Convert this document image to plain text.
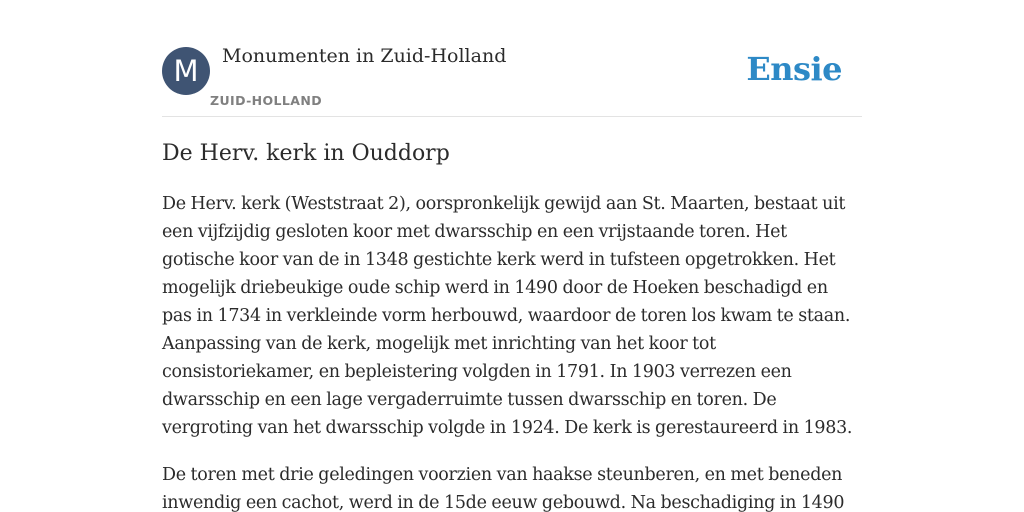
M	Monumenten in Zuid-Holland
ZUID-HOLLAND
Ensie
De Herv. kerk in Ouddorp

De Herv. kerk (Weststraat 2), oorspronkelijk gewijd aan St. Maarten, bestaat uit een vijfzijdig gesloten koor met dwarsschip en een vrijstaande toren. Het gotische koor van de in 1348 gestichte kerk werd in tufsteen opgetrokken. Het mogelijk driebeukige oude schip werd in 1490 door de Hoeken beschadigd en pas in 1734 in verkleinde vorm herbouwd, waardoor de toren los kwam te staan. Aanpassing van de kerk, mogelijk met inrichting van het koor tot consistoriekamer, en bepleistering volgden in 1791. In 1903 verrezen een dwarsschip en een lage vergaderruimte tussen dwarsschip en toren. De vergroting van het dwarsschip volgde in 1924. De kerk is gerestaureerd in 1983.

De toren met drie geledingen voorzien van haakse steunberen, en met beneden inwendig een cachot, werd in de 15de eeuw gebouwd. Na beschadiging in 1490
